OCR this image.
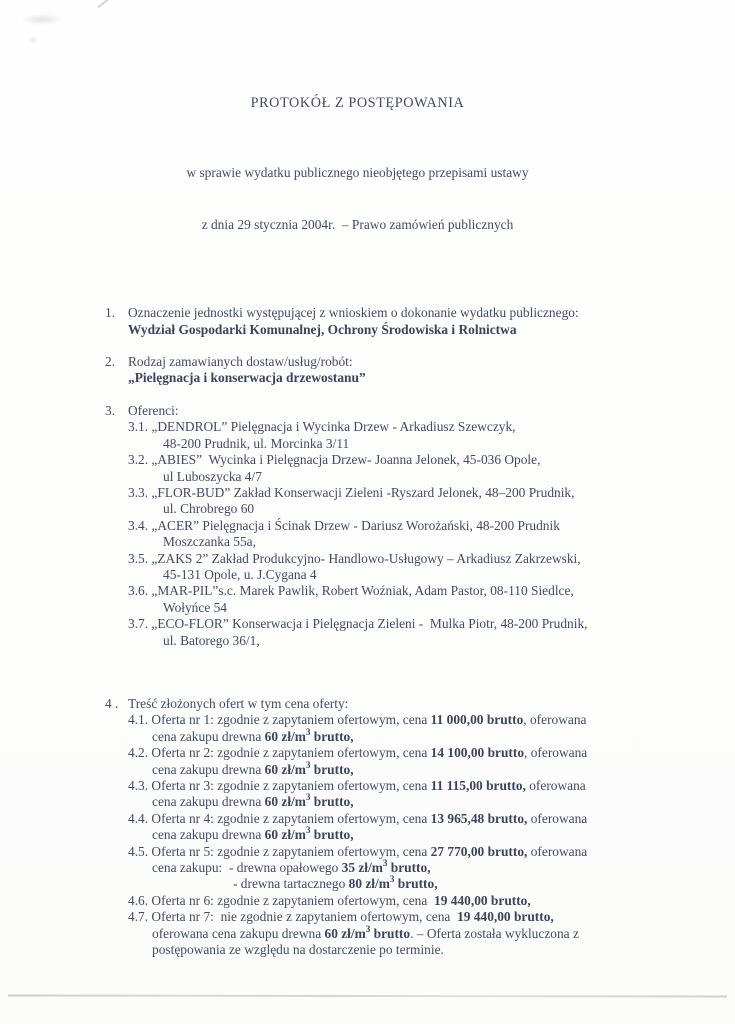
PROTOKÓŁ Z POSTĘPOWANIA

w sprawie wydatku publicznego nieobjętego przepisami ustawy

z dnia 29 stycznia 2004r.  – Prawo zamówień publicznych

1. Oznaczenie jednostki występującej z wnioskiem o dokonanie wydatku publicznego:
Wydział Gospodarki Komunalnej, Ochrony Środowiska i Rolnictwa
2. Rodzaj zamawianych dostaw/usług/robót:
„Pielęgnacja i konserwacja drzewostanu”
3. Oferenci:
3.1. „DENDROL” Pielęgnacja i Wycinka Drzew - Arkadiusz Szewczyk,
48-200 Prudnik, ul. Morcinka 3/11
3.2. „ABIES”  Wycinka i Pielęgnacja Drzew- Joanna Jelonek, 45-036 Opole,
ul Luboszycka 4/7
3.3. „FLOR-BUD” Zakład Konserwacji Zieleni -Ryszard Jelonek, 48–200 Prudnik,
ul. Chrobrego 60
3.4. „ACER” Pielęgnacja i Ścinak Drzew - Dariusz Worożański, 48-200 Prudnik
Moszczanka 55a,
3.5. „ZAKS 2” Zakład Produkcyjno- Handlowo-Usługowy – Arkadiusz Zakrzewski,
45-131 Opole, u. J.Cygana 4
3.6. „MAR-PIL”s.c. Marek Pawlik, Robert Woźniak, Adam Pastor, 08-110 Siedlce,
Wołyńce 54
3.7. „ECO-FLOR” Konserwacja i Pielęgnacja Zieleni -  Mulka Piotr, 48-200 Prudnik,
ul. Batorego 36/1,
4 . Treść złożonych ofert w tym cena oferty:
4.1. Oferta nr 1: zgodnie z zapytaniem ofertowym, cena 11 000,00 brutto, oferowana
cena zakupu drewna 60 $zł/m^3$ brutto,
4.2. Oferta nr 2: zgodnie z zapytaniem ofertowym, cena 14 100,00 brutto, oferowana
cena zakupu drewna 60 $zł/m^3$ brutto,
4.3. Oferta nr 3: zgodnie z zapytaniem ofertowym, cena 11 115,00 brutto, oferowana
cena zakupu drewna 60 $zł/m^3$ brutto,
4.4. Oferta nr 4: zgodnie z zapytaniem ofertowym, cena 13 965,48 brutto, oferowana
cena zakupu drewna 60 $zł/m^3$ brutto,
4.5. Oferta nr 5: zgodnie z zapytaniem ofertowym, cena 27 770,00 brutto, oferowana
cena zakupu:  - drewna opałowego 35 $zł/m^3$ brutto,
- drewna tartacznego 80 $zł/m^3$ brutto,
4.6. Oferta nr 6: zgodnie z zapytaniem ofertowym, cena  19 440,00 brutto,
4.7. Oferta nr 7:  nie zgodnie z zapytaniem ofertowym, cena  19 440,00 brutto,
oferowana cena zakupu drewna 60 $zł/m^3$ brutto. – Oferta została wykluczona z
postępowania ze względu na dostarczenie po terminie.
